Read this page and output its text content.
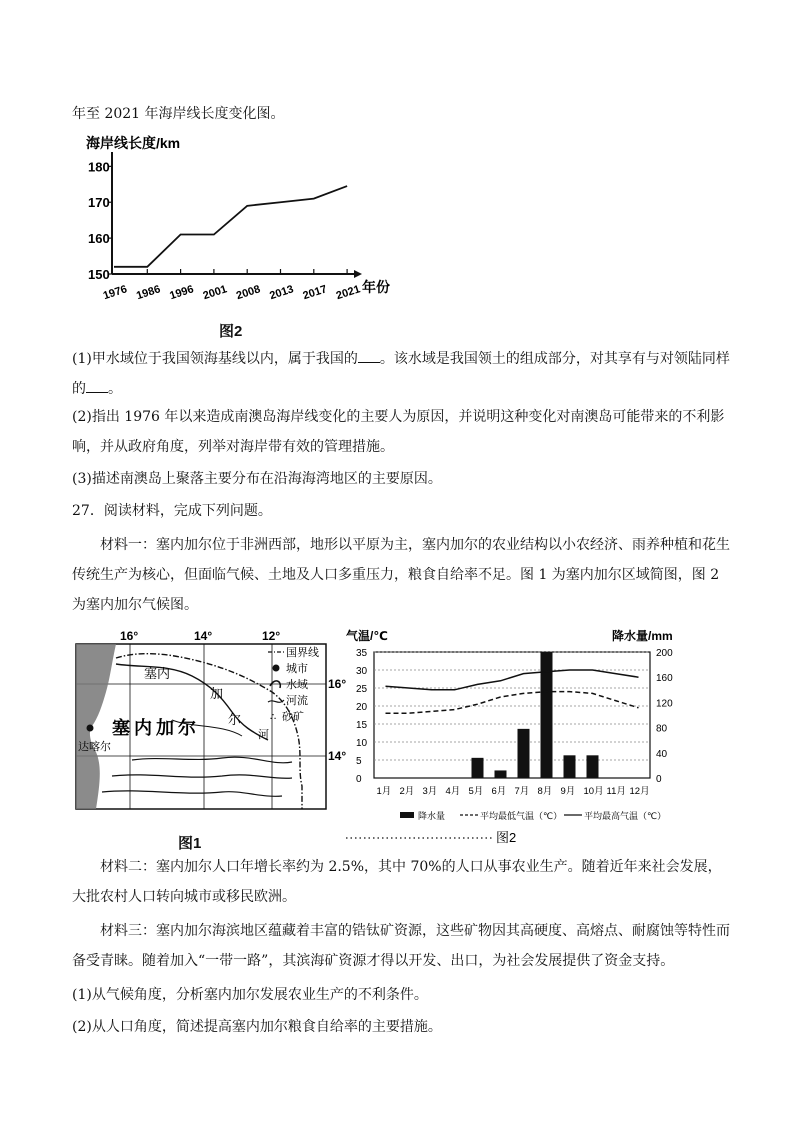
年至 2021 年海岸线长度变化图。
海岸线长度/km
150
160
170
180
1976 1986 1996 2001 2008 2013 2017 2021 年份
图2
(1)甲水域位于我国领海基线以内，属于我国的 。该水域是我国领土的组成部分，对其享有与对领陆同样
的 。
(2)指出 1976 年以来造成南澳岛海岸线变化的主要人为原因，并说明这种变化对南澳岛可能带来的不利影响，并从政府角度，列举对海岸带有效的管理措施。
(3)描述南澳岛上聚落主要分布在沿海海湾地区的主要原因。
27．阅读材料，完成下列问题。
材料一：塞内加尔位于非洲西部，地形以平原为主，塞内加尔的农业结构以小农经济、雨养种植和花生传统生产为核心，但面临气候、土地及人口多重压力，粮食自给率不足。图 1 为塞内加尔区域简图，图 2 为塞内加尔气候图。
16°	14°	12°
16°
14°
塞内
加
尔
河
塞内加尔
达喀尔
国界线
城市
水域
河流
∴ 砂矿
图1
气温/℃	降水量/mm
0
5
10
15
20
25
30
35
0
40
80
120
160
200
1月 2月 3月 4月 5月 6月 7月 8月 9月 10月 11月 12月
降水量	平均最低气温（℃） 平均最高气温（℃）
图2
材料二：塞内加尔人口年增长率约为 2.5%，其中 70%的人口从事农业生产。随着近年来社会发展，大批农村人口转向城市或移民欧洲。
材料三：塞内加尔海滨地区蕴藏着丰富的锆钛矿资源，这些矿物因其高硬度、高熔点、耐腐蚀等特性而备受青睐。随着加入“一带一路”，其滨海矿资源才得以开发、出口，为社会发展提供了资金支持。
(1)从气候角度，分析塞内加尔发展农业生产的不利条件。
(2)从人口角度，简述提高塞内加尔粮食自给率的主要措施。
